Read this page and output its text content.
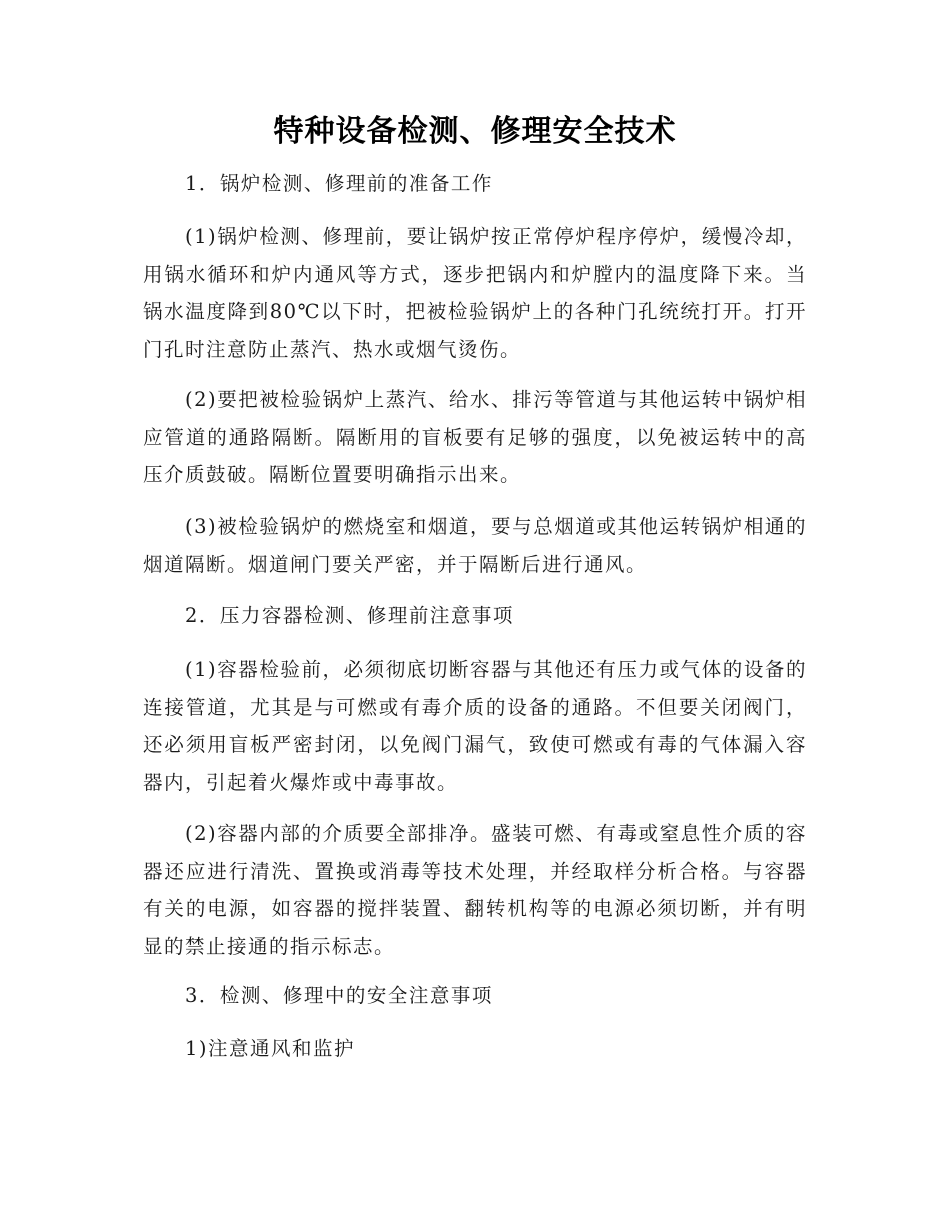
特种设备检测、修理安全技术
1．锅炉检测、修理前的准备工作

(1)锅炉检测、修理前，要让锅炉按正常停炉程序停炉，缓慢冷却，用锅水循环和炉内通风等方式，逐步把锅内和炉膛内的温度降下来。当锅水温度降到80℃以下时，把被检验锅炉上的各种门孔统统打开。打开门孔时注意防止蒸汽、热水或烟气烫伤。

(2)要把被检验锅炉上蒸汽、给水、排污等管道与其他运转中锅炉相应管道的通路隔断。隔断用的盲板要有足够的强度，以免被运转中的高压介质鼓破。隔断位置要明确指示出来。

(3)被检验锅炉的燃烧室和烟道，要与总烟道或其他运转锅炉相通的烟道隔断。烟道闸门要关严密，并于隔断后进行通风。

2．压力容器检测、修理前注意事项

(1)容器检验前，必须彻底切断容器与其他还有压力或气体的设备的连接管道，尤其是与可燃或有毒介质的设备的通路。不但要关闭阀门，还必须用盲板严密封闭，以免阀门漏气，致使可燃或有毒的气体漏入容器内，引起着火爆炸或中毒事故。

(2)容器内部的介质要全部排净。盛装可燃、有毒或窒息性介质的容器还应进行清洗、置换或消毒等技术处理，并经取样分析合格。与容器有关的电源，如容器的搅拌装置、翻转机构等的电源必须切断，并有明显的禁止接通的指示标志。

3．检测、修理中的安全注意事项

1)注意通风和监护
